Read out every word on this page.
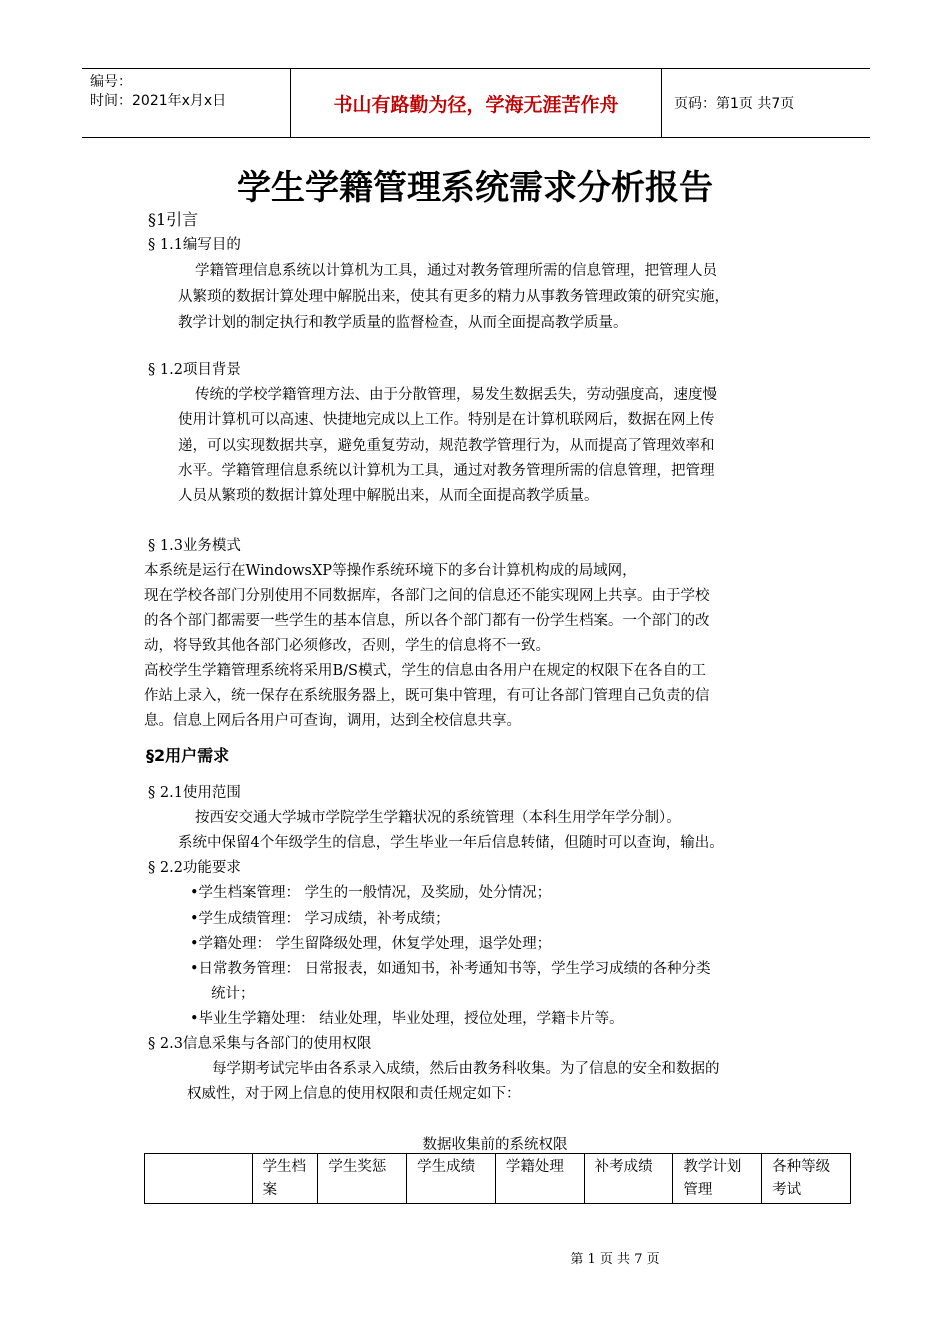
编号：
时间：2021年x月x日	书山有路勤为径，学海无涯苦作舟	页码：第1页 共7页
学生学籍管理系统需求分析报告
§1引言
§ 1.1编写目的
学籍管理信息系统以计算机为工具，通过对教务管理所需的信息管理，把管理人员
从繁琐的数据计算处理中解脱出来，使其有更多的精力从事教务管理政策的研究实施，
教学计划的制定执行和教学质量的监督检查，从而全面提高教学质量。
§ 1.2项目背景
传统的学校学籍管理方法、由于分散管理，易发生数据丢失，劳动强度高，速度慢
使用计算机可以高速、快捷地完成以上工作。特别是在计算机联网后，数据在网上传
递，可以实现数据共享，避免重复劳动，规范教学管理行为，从而提高了管理效率和
水平。学籍管理信息系统以计算机为工具，通过对教务管理所需的信息管理，把管理
人员从繁琐的数据计算处理中解脱出来，从而全面提高教学质量。
§ 1.3业务模式
本系统是运行在WindowsXP等操作系统环境下的多台计算机构成的局域网，
现在学校各部门分别使用不同数据库，各部门之间的信息还不能实现网上共享。由于学校
的各个部门都需要一些学生的基本信息，所以各个部门都有一份学生档案。一个部门的改
动，将导致其他各部门必须修改，否则，学生的信息将不一致。
高校学生学籍管理系统将采用B/S模式，学生的信息由各用户在规定的权限下在各自的工
作站上录入，统一保存在系统服务器上，既可集中管理，有可让各部门管理自己负责的信
息。信息上网后各用户可查询，调用，达到全校信息共享。
§2用户需求
§ 2.1使用范围
按西安交通大学城市学院学生学籍状况的系统管理（本科生用学年学分制）。
系统中保留4个年级学生的信息，学生毕业一年后信息转储，但随时可以查询，输出。
§ 2.2功能要求
•学生档案管理： 学生的一般情况，及奖励，处分情况；
•学生成绩管理： 学习成绩，补考成绩；
•学籍处理： 学生留降级处理，休复学处理，退学处理；
•日常教务管理： 日常报表，如通知书，补考通知书等，学生学习成绩的各种分类
统计；
•毕业生学籍处理： 结业处理，毕业处理，授位处理，学籍卡片等。
§ 2.3信息采集与各部门的使用权限
每学期考试完毕由各系录入成绩，然后由教务科收集。为了信息的安全和数据的
权威性，对于网上信息的使用权限和责任规定如下：
数据收集前的系统权限
	学生档案	学生奖惩	学生成绩	学籍处理	补考成绩	教学计划管理	各种等级考试
第 1 页 共 7 页
